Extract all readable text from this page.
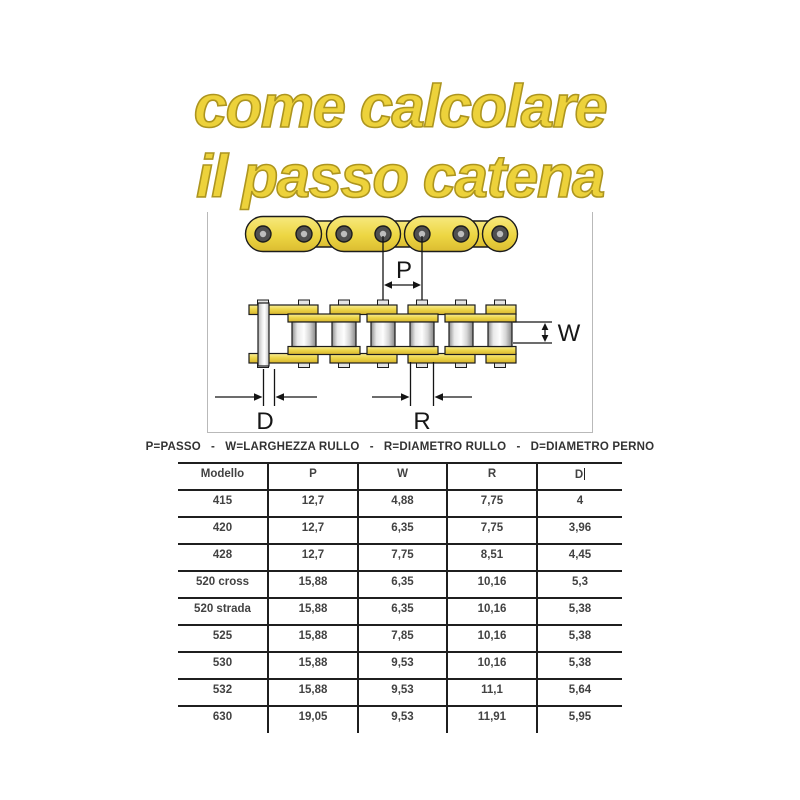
come calcolare
il passo catena
P
W
D	R
P=PASSO   -   W=LARGHEZZA RULLO   -   R=DIAMETRO RULLO   -   D=DIAMETRO PERNO
Modello	P	W	R	D
415	12,7	4,88	7,75	4
420	12,7	6,35	7,75	3,96
428	12,7	7,75	8,51	4,45
520 cross	15,88	6,35	10,16	5,3
520 strada	15,88	6,35	10,16	5,38
525	15,88	7,85	10,16	5,38
530	15,88	9,53	10,16	5,38
532	15,88	9,53	11,1	5,64
630	19,05	9,53	11,91	5,95
